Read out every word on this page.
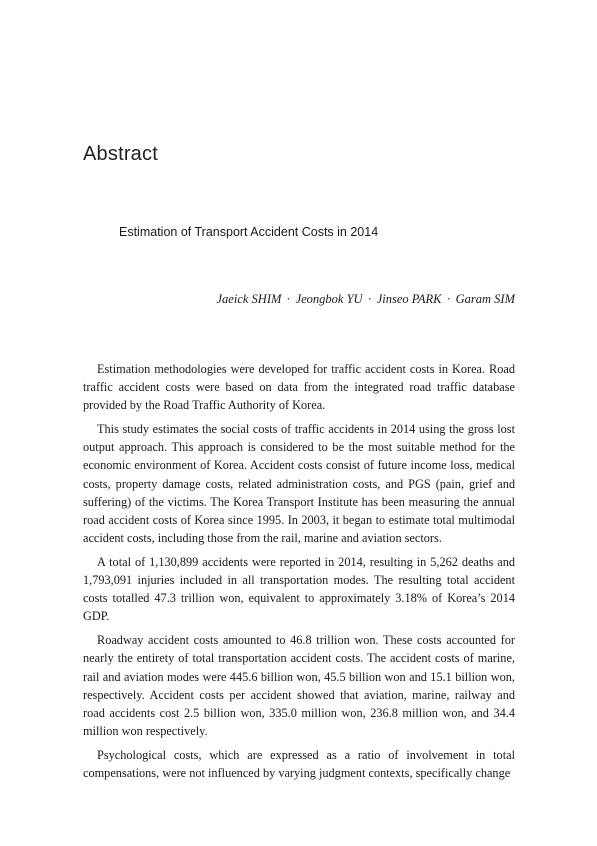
Abstract
Estimation of Transport Accident Costs in 2014
Jaeick SHIM · Jeongbok YU · Jinseo PARK · Garam SIM

Estimation methodologies were developed for traffic accident costs in Korea. Road traffic accident costs were based on data from the integrated road traffic database provided by the Road Traffic Authority of Korea.

This study estimates the social costs of traffic accidents in 2014 using the gross lost output approach. This approach is considered to be the most suitable method for the economic environment of Korea. Accident costs consist of future income loss, medical costs, property damage costs, related administration costs, and PGS (pain, grief and suffering) of the victims. The Korea Transport Institute has been measuring the annual road accident costs of Korea since 1995. In 2003, it began to estimate total multimodal accident costs, including those from the rail, marine and aviation sectors.

A total of 1,130,899 accidents were reported in 2014, resulting in 5,262 deaths and 1,793,091 injuries included in all transportation modes. The resulting total accident costs totalled 47.3 trillion won, equivalent to approximately 3.18% of Korea’s 2014 GDP.

Roadway accident costs amounted to 46.8 trillion won. These costs accounted for nearly the entirety of total transportation accident costs. The accident costs of marine, rail and aviation modes were 445.6 billion won, 45.5 billion won and 15.1 billion won, respectively. Accident costs per accident showed that aviation, marine, railway and road accidents cost 2.5 billion won, 335.0 million won, 236.8 million won, and 34.4 million won respectively.

Psychological costs, which are expressed as a ratio of involvement in total compensations, were not influenced by varying judgment contexts, specifically change
